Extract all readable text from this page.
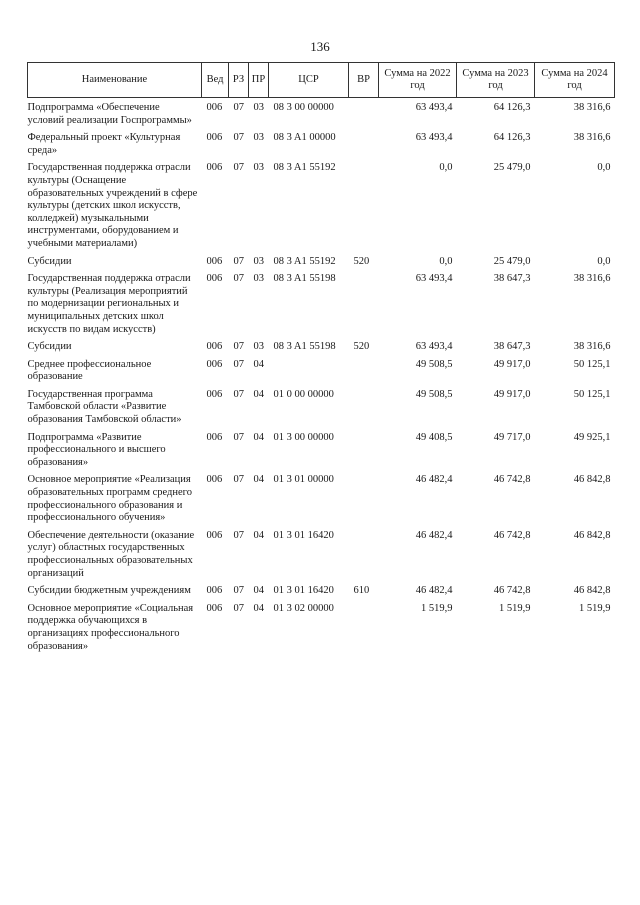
136
Наименование	Вед	РЗ	ПР	ЦСР	ВР	Сумма на 2022 год	Сумма на 2023 год	Сумма на 2024 год

Подпрограмма «Обеспечение условий реализации Госпрограммы»	006	07	03	08 3 00 00000		63 493,4	64 126,3	38 316,6

Федеральный проект «Культурная среда»	006	07	03	08 3 A1 00000		63 493,4	64 126,3	38 316,6

Государственная поддержка отрасли культуры (Оснащение образовательных учреждений в сфере культуры (детских школ искусств, колледжей) музыкальными инструментами, оборудованием и учебными материалами)	006	07	03	08 3 A1 55192		0,0	25 479,0	0,0

Субсидии	006	07	03	08 3 A1 55192	520	0,0	25 479,0	0,0

Государственная поддержка отрасли культуры (Реализация мероприятий по модернизации региональных и муниципальных детских школ искусств по видам искусств)	006	07	03	08 3 A1 55198		63 493,4	38 647,3	38 316,6

Субсидии	006	07	03	08 3 A1 55198	520	63 493,4	38 647,3	38 316,6

Среднее профессиональное образование	006	07	04			49 508,5	49 917,0	50 125,1

Государственная программа Тамбовской области «Развитие образования Тамбовской области»	006	07	04	01 0 00 00000		49 508,5	49 917,0	50 125,1

Подпрограмма «Развитие профессионального и высшего образования»	006	07	04	01 3 00 00000		49 408,5	49 717,0	49 925,1

Основное мероприятие «Реализация образовательных программ среднего профессионального образования и профессионального обучения»	006	07	04	01 3 01 00000		46 482,4	46 742,8	46 842,8

Обеспечение деятельности (оказание услуг) областных государственных профессиональных образовательных организаций	006	07	04	01 3 01 16420		46 482,4	46 742,8	46 842,8

Субсидии бюджетным учреждениям	006	07	04	01 3 01 16420	610	46 482,4	46 742,8	46 842,8

Основное мероприятие «Социальная поддержка обучающихся в организациях профессионального образования»	006	07	04	01 3 02 00000		1 519,9	1 519,9	1 519,9
